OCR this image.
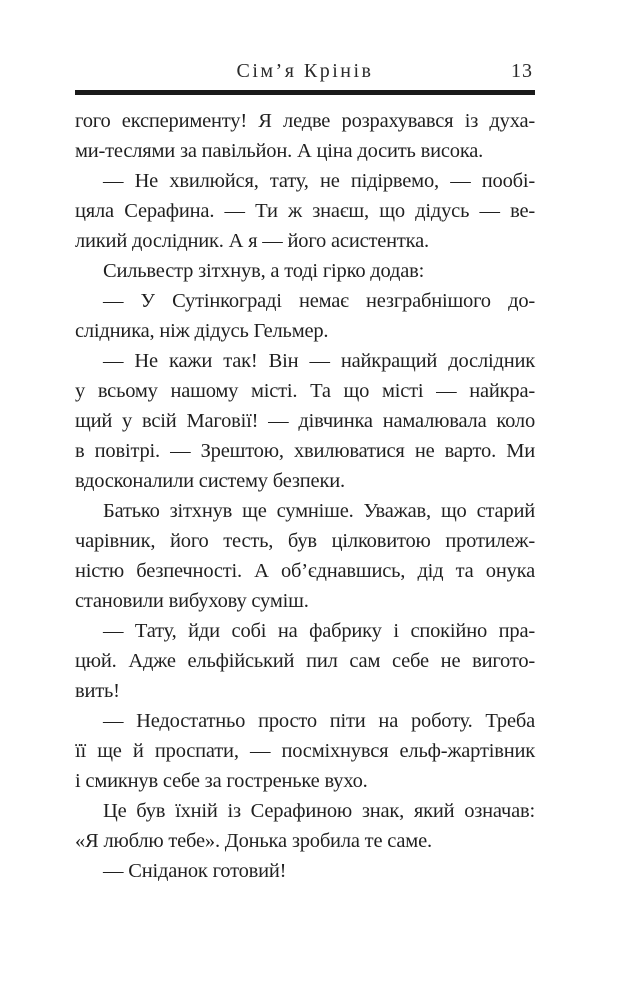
Сім’я Крінів	13
гого експерименту! Я ледве розрахувався із духа-
ми-теслями за павільйон. А ціна досить висока.
— Не хвилюйся, тату, не підірвемо, — пообі-
цяла Серафина. — Ти ж знаєш, що дідусь — ве-
ликий дослідник. А я — його асистентка.
Сильвестр зітхнув, а тоді гірко додав:
— У Сутінкограді немає незграбнішого до-
слідника, ніж дідусь Гельмер.
— Не кажи так! Він — найкращий дослідник
у всьому нашому місті. Та що місті — найкра-
щий у всій Маговії! — дівчинка намалювала коло
в повітрі. — Зрештою, хвилюватися не варто. Ми
вдосконалили систему безпеки.
Батько зітхнув ще сумніше. Уважав, що старий
чарівник, його тесть, був цілковитою протилеж-
ністю безпечності. А об’єднавшись, дід та онука
становили вибухову суміш.
— Тату, йди собі на фабрику і спокійно пра-
цюй. Адже ельфійський пил сам себе не вигото-
вить!
— Недостатньо просто піти на роботу. Треба
її ще й проспати, — посміхнувся ельф-жартівник
і смикнув себе за гостреньке вухо.
Це був їхній із Серафиною знак, який означав:
«Я люблю тебе». Донька зробила те саме.
— Сніданок готовий!
